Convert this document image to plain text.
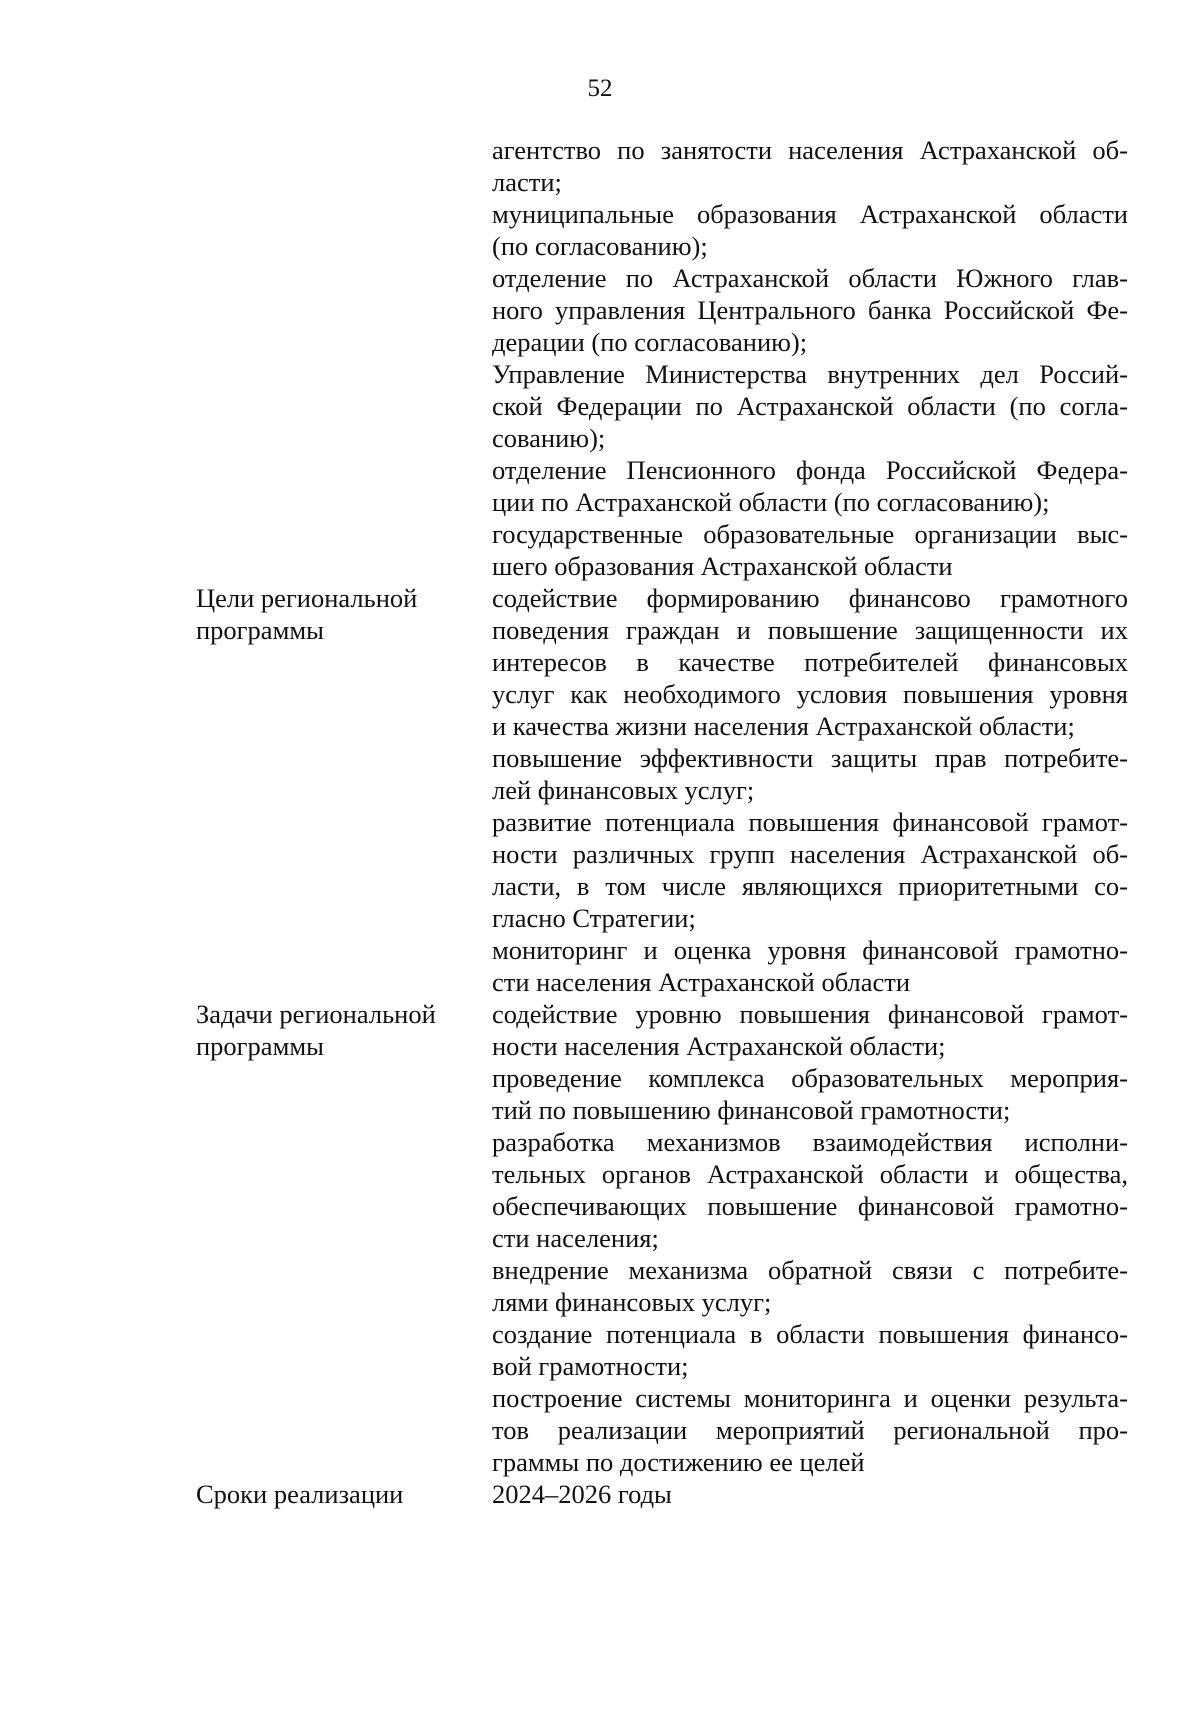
52
агентство по занятости населения Астраханской об-
ласти;
муниципальные образования Астраханской области
(по согласованию);
отделение по Астраханской области Южного глав-
ного управления Центрального банка Российской Фе-
дерации (по согласованию);
Управление Министерства внутренних дел Россий-
ской Федерации по Астраханской области (по согла-
сованию);
отделение Пенсионного фонда Российской Федера-
ции по Астраханской области (по согласованию);
государственные образовательные организации выс-
шего образования Астраханской области
Цели региональной
программы
содействие формированию финансово грамотного
поведения граждан и повышение защищенности их
интересов в качестве потребителей финансовых
услуг как необходимого условия повышения уровня
и качества жизни населения Астраханской области;
повышение эффективности защиты прав потребите-
лей финансовых услуг;
развитие потенциала повышения финансовой грамот-
ности различных групп населения Астраханской об-
ласти, в том числе являющихся приоритетными со-
гласно Стратегии;
мониторинг и оценка уровня финансовой грамотно-
сти населения Астраханской области
Задачи региональной
программы
содействие уровню повышения финансовой грамот-
ности населения Астраханской области;
проведение комплекса образовательных мероприя-
тий по повышению финансовой грамотности;
разработка механизмов взаимодействия исполни-
тельных органов Астраханской области и общества,
обеспечивающих повышение финансовой грамотно-
сти населения;
внедрение механизма обратной связи с потребите-
лями финансовых услуг;
создание потенциала в области повышения финансо-
вой грамотности;
построение системы мониторинга и оценки результа-
тов реализации мероприятий региональной про-
граммы по достижению ее целей
Сроки реализации	2024–2026 годы
